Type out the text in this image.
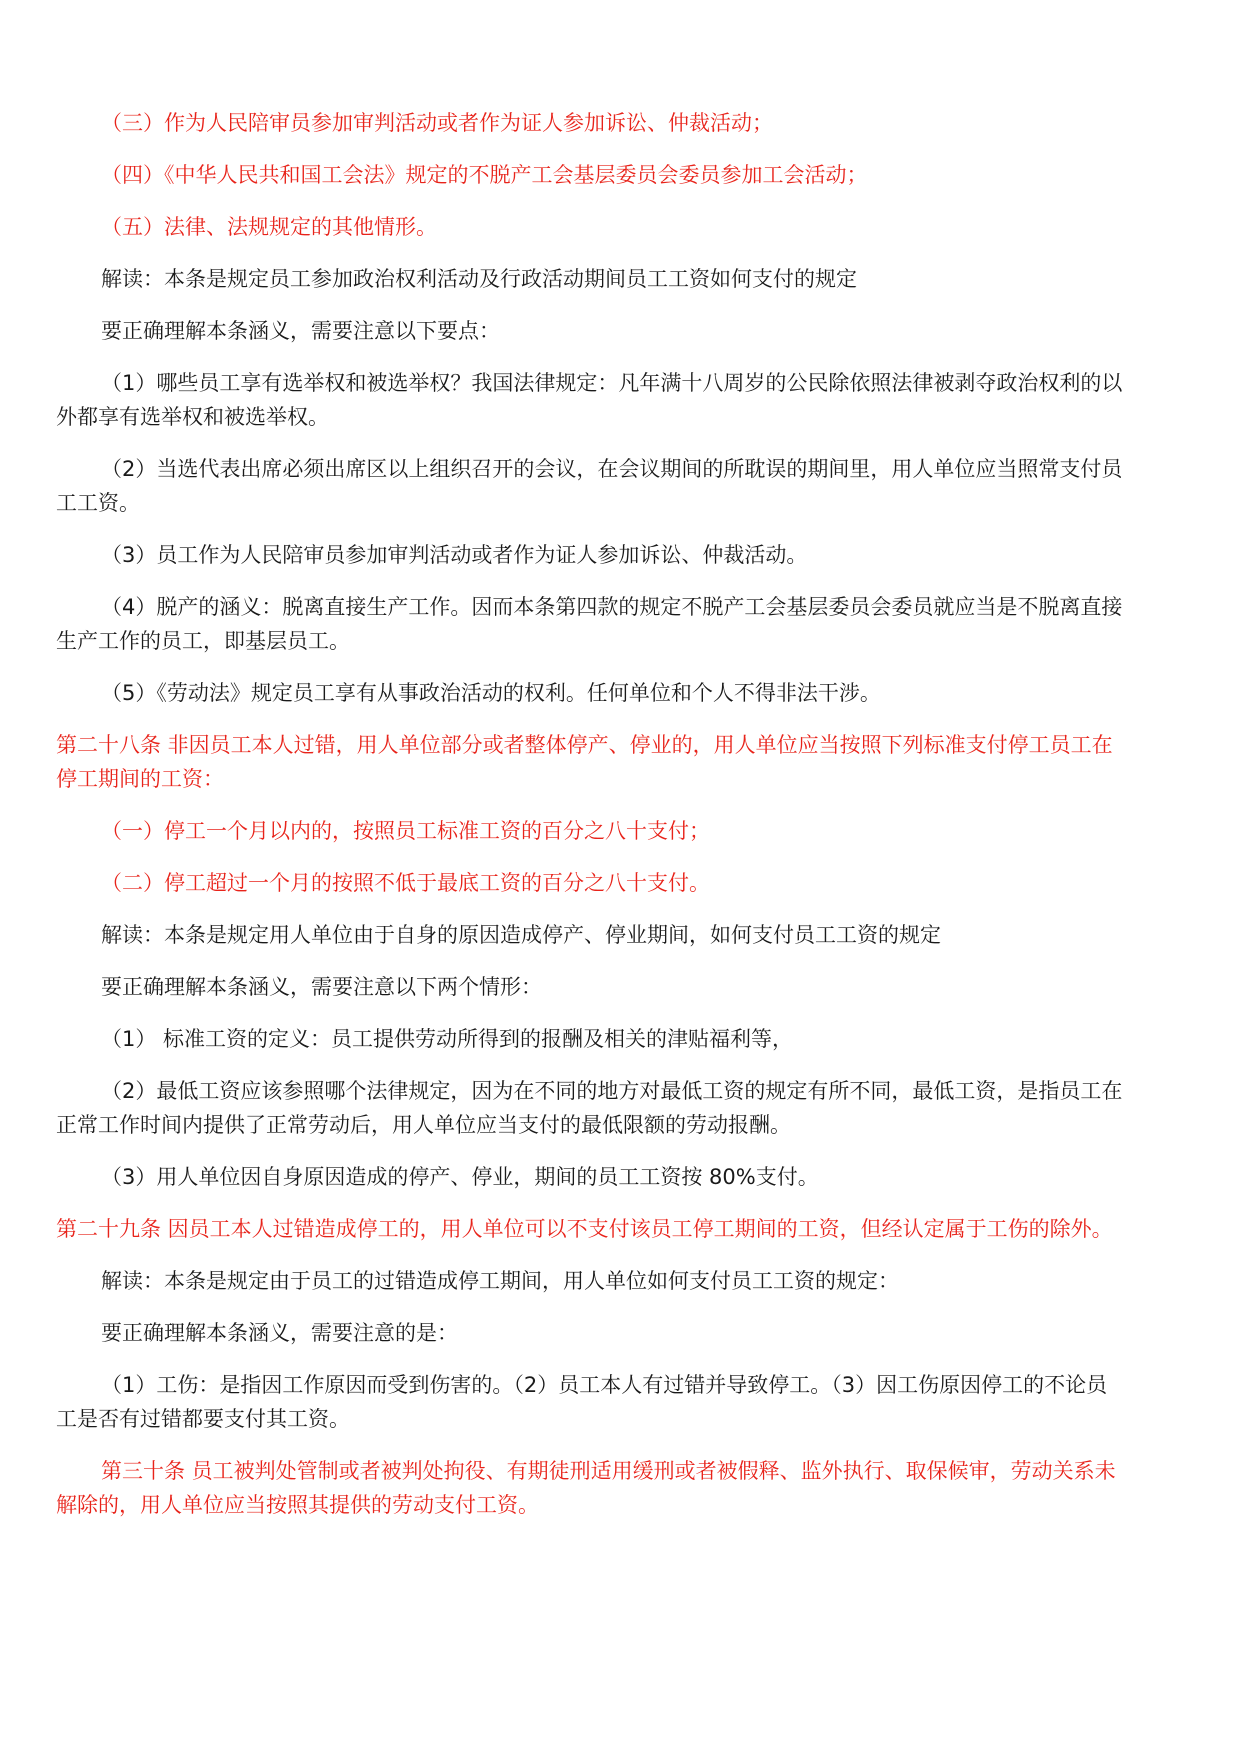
（三）作为人民陪审员参加审判活动或者作为证人参加诉讼、仲裁活动；

（四）《中华人民共和国工会法》规定的不脱产工会基层委员会委员参加工会活动；

（五）法律、法规规定的其他情形。

解读：本条是规定员工参加政治权利活动及行政活动期间员工工资如何支付的规定

要正确理解本条涵义，需要注意以下要点：

（1）哪些员工享有选举权和被选举权？我国法律规定：凡年满十八周岁的公民除依照法律被剥夺政治权利的以

外都享有选举权和被选举权。

（2）当选代表出席必须出席区以上组织召开的会议，在会议期间的所耽误的期间里，用人单位应当照常支付员

工工资。

（3）员工作为人民陪审员参加审判活动或者作为证人参加诉讼、仲裁活动。

（4）脱产的涵义：脱离直接生产工作。因而本条第四款的规定不脱产工会基层委员会委员就应当是不脱离直接

生产工作的员工，即基层员工。

（5）《劳动法》规定员工享有从事政治活动的权利。任何单位和个人不得非法干涉。

第二十八条 非因员工本人过错，用人单位部分或者整体停产、停业的，用人单位应当按照下列标准支付停工员工在

停工期间的工资：

（一）停工一个月以内的，按照员工标准工资的百分之八十支付；

（二）停工超过一个月的按照不低于最底工资的百分之八十支付。

解读：本条是规定用人单位由于自身的原因造成停产、停业期间，如何支付员工工资的规定

要正确理解本条涵义，需要注意以下两个情形：

（1） 标准工资的定义：员工提供劳动所得到的报酬及相关的津贴福利等，

（2）最低工资应该参照哪个法律规定，因为在不同的地方对最低工资的规定有所不同，最低工资，是指员工在

正常工作时间内提供了正常劳动后，用人单位应当支付的最低限额的劳动报酬。

（3）用人单位因自身原因造成的停产、停业，期间的员工工资按 80%支付。

第二十九条 因员工本人过错造成停工的，用人单位可以不支付该员工停工期间的工资，但经认定属于工伤的除外。

解读：本条是规定由于员工的过错造成停工期间，用人单位如何支付员工工资的规定：

要正确理解本条涵义，需要注意的是：

（1）工伤：是指因工作原因而受到伤害的。（2）员工本人有过错并导致停工。（3）因工伤原因停工的不论员

工是否有过错都要支付其工资。

第三十条 员工被判处管制或者被判处拘役、有期徒刑适用缓刑或者被假释、监外执行、取保候审，劳动关系未

解除的，用人单位应当按照其提供的劳动支付工资。
